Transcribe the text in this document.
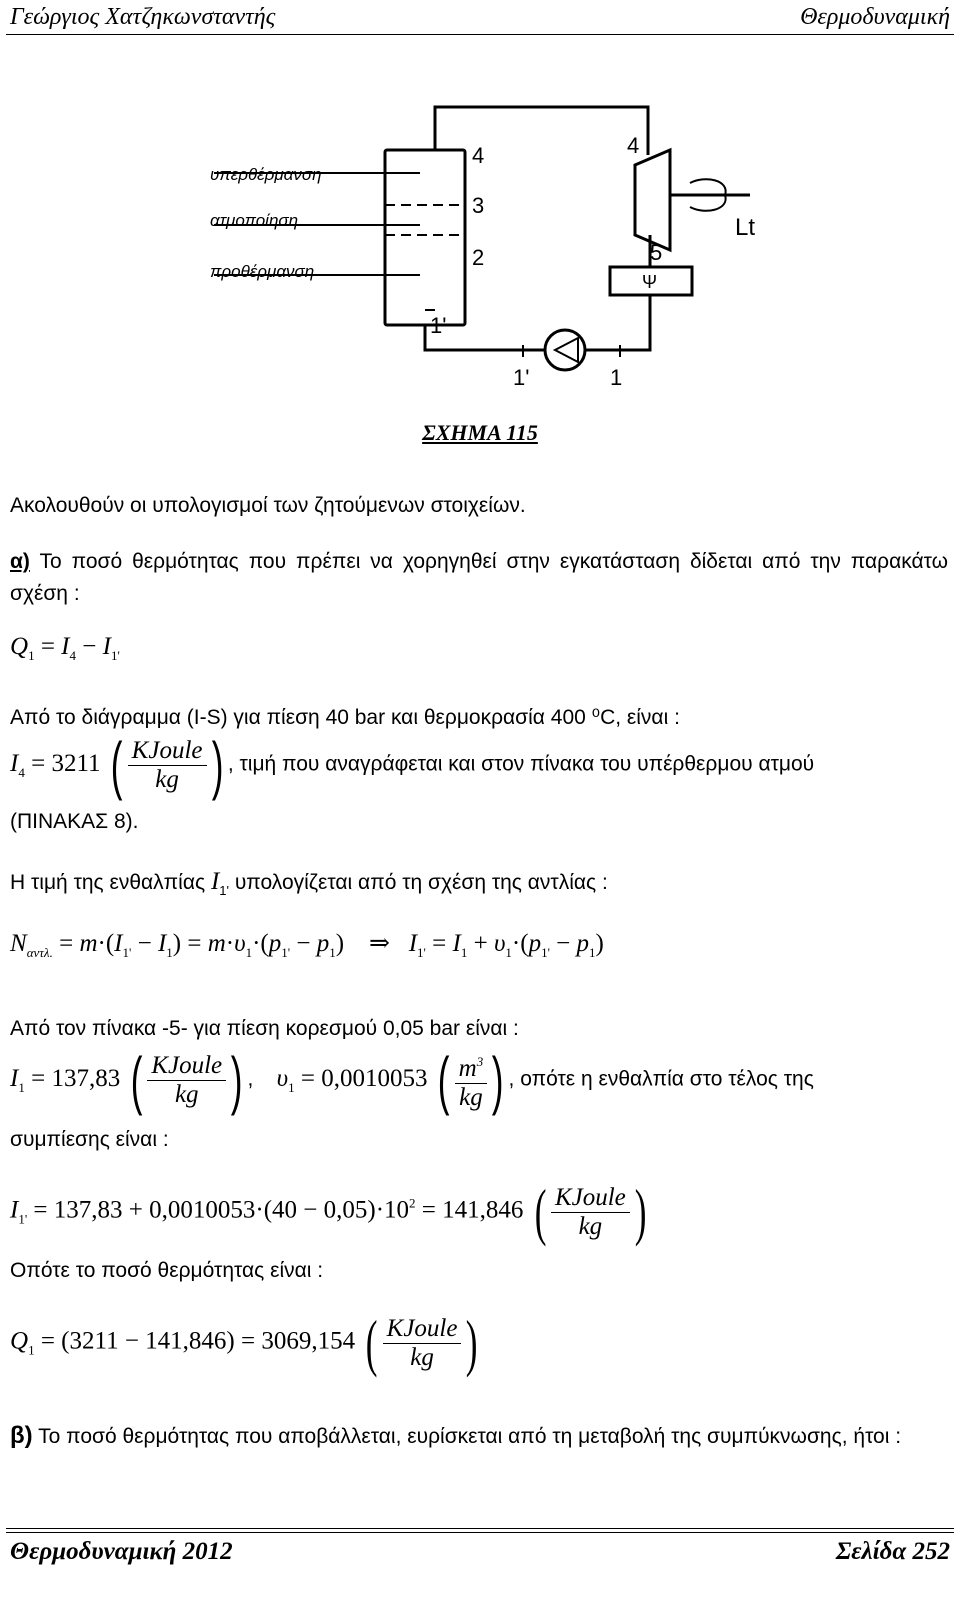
Γεώργιος Χατζηκωνσταντής	Θερμοδυναμική
υπερθέρμανση
ατμοποίηση
προθέρμανση
4
3
2
1'
4
5
Ψ
1'	1
Lt
ΣΧΗΜΑ 115
Ακολουθούν οι υπολογισμοί των ζητούμενων στοιχείων.
α) Το ποσό θερμότητας που πρέπει να χορηγηθεί στην εγκατάσταση δίδεται από την παρακάτω σχέση :
$Q_1 = I_4 - I_{1'}$
Από το διάγραμμα (I-S) για πίεση 40 bar και θερμοκρασία 400 ⁰C, είναι :
$I_4 = 3211$ ( $\frac{\text{KJoule}}{kg}$ ) , τιμή που αναγράφεται και στον πίνακα του υπέρθερμου ατμού
(ΠΙΝΑΚΑΣ 8).
Η τιμή της ενθαλπίας $I_{1'}$ υπολογίζεται από τη σχέση της αντλίας :
$N_{\alpha\nu\tau\lambda.} = m\cdot(I_{1'} - I_1) = m\cdot\upsilon_1\cdot(p_{1'} - p_1)$    ⇒   $I_{1'} = I_1 + \upsilon_1\cdot(p_{1'} - p_1)$
Από τον πίνακα -5- για πίεση κορεσμού 0,05 bar είναι :
$I_1 = 137,83$ ( $\frac{\text{KJoule}}{kg}$ ) ,    $\upsilon_1 = 0,0010053$ ( $\frac{m^3}{kg}$ ) , οπότε η ενθαλπία στο τέλος της
συμπίεσης είναι :
$I_{1'} = 137,83 + 0,0010053\cdot(40 - 0,05)\cdot 10^2 = 141,846$ ( $\frac{\text{KJoule}}{kg}$ )
Οπότε το ποσό θερμότητας είναι :
$Q_1 = (3211 - 141,846) = 3069,154$ ( $\frac{\text{KJoule}}{kg}$ )
β) Το ποσό θερμότητας που αποβάλλεται, ευρίσκεται από τη μεταβολή της συμπύκνωσης, ήτοι :
Θερμοδυναμική 2012	Σελίδα 252
